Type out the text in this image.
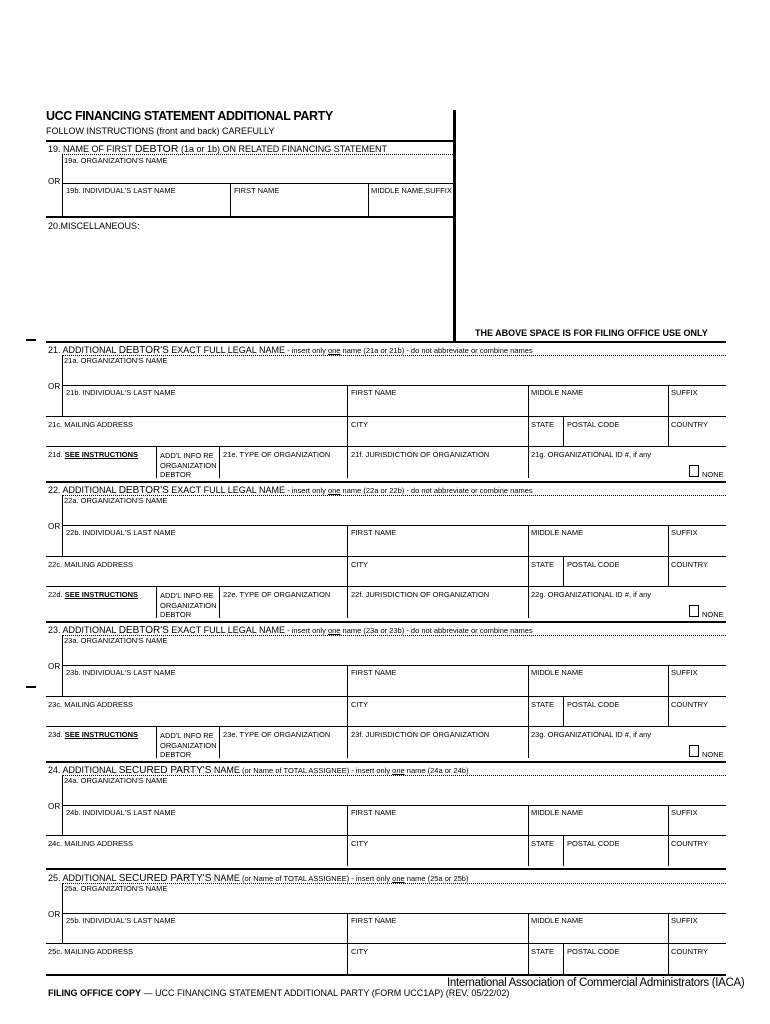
UCC FINANCING STATEMENT ADDITIONAL PARTY
FOLLOW INSTRUCTIONS (front and back) CAREFULLY
19. NAME OF FIRST DEBTOR (1a or 1b) ON RELATED FINANCING STATEMENT
19a. ORGANIZATION'S NAME
OR
19b. INDIVIDUAL'S LAST NAME	FIRST NAME	MIDDLE NAME,SUFFIX
20.MISCELLANEOUS:
THE ABOVE SPACE IS FOR FILING OFFICE USE ONLY
21. ADDITIONAL DEBTOR'S EXACT FULL LEGAL NAME - insert only one name (21a or 21b) - do not abbreviate or combine names
21a. ORGANIZATION'S NAME
OR
21b. INDIVIDUAL'S LAST NAME	FIRST NAME	MIDDLE NAME	SUFFIX
21c. MAILING ADDRESS	CITY	STATE POSTAL CODE	COUNTRY
21d. SEE INSTRUCTIONS	ADD'L INFO RE
ORGANIZATION
DEBTOR
21e. TYPE OF ORGANIZATION	21f. JURISDICTION OF ORGANIZATION	21g. ORGANIZATIONAL ID #, if any
NONE
22. ADDITIONAL DEBTOR'S EXACT FULL LEGAL NAME - insert only one name (22a or 22b) - do not abbreviate or combine names
22a. ORGANIZATION'S NAME
OR
22b. INDIVIDUAL'S LAST NAME	FIRST NAME	MIDDLE NAME	SUFFIX
22c. MAILING ADDRESS	CITY	STATE POSTAL CODE	COUNTRY
22d. SEE INSTRUCTIONS	ADD'L INFO RE
ORGANIZATION
DEBTOR
22e. TYPE OF ORGANIZATION	22f. JURISDICTION OF ORGANIZATION	22g. ORGANIZATIONAL ID #, if any
NONE
23. ADDITIONAL DEBTOR'S EXACT FULL LEGAL NAME - insert only one name (23a or 23b) - do not abbreviate or combine names
23a. ORGANIZATION'S NAME
OR
23b. INDIVIDUAL'S LAST NAME	FIRST NAME	MIDDLE NAME	SUFFIX
23c. MAILING ADDRESS	CITY	STATE POSTAL CODE	COUNTRY
23d. SEE INSTRUCTIONS	ADD'L INFO RE
ORGANIZATION
DEBTOR
23e. TYPE OF ORGANIZATION	23f. JURISDICTION OF ORGANIZATION	23g. ORGANIZATIONAL ID #, if any
NONE
24. ADDITIONAL SECURED PARTY'S NAME (or Name of TOTAL ASSIGNEE) - insert only one name (24a or 24b)
24a. ORGANIZATION'S NAME
OR
24b. INDIVIDUAL'S LAST NAME	FIRST NAME	MIDDLE NAME	SUFFIX
24c. MAILING ADDRESS	CITY	STATE POSTAL CODE	COUNTRY
25. ADDITIONAL SECURED PARTY'S NAME (or Name of TOTAL ASSIGNEE) - insert only one name (25a or 25b)
25a. ORGANIZATION'S NAME
OR
25b. INDIVIDUAL'S LAST NAME	FIRST NAME	MIDDLE NAME	SUFFIX
25c. MAILING ADDRESS	CITY	STATE POSTAL CODE	COUNTRY
International Association of Commercial Administrators (IACA)
FILING OFFICE COPY — UCC FINANCING STATEMENT ADDITIONAL PARTY (FORM UCC1AP) (REV. 05/22/02)
